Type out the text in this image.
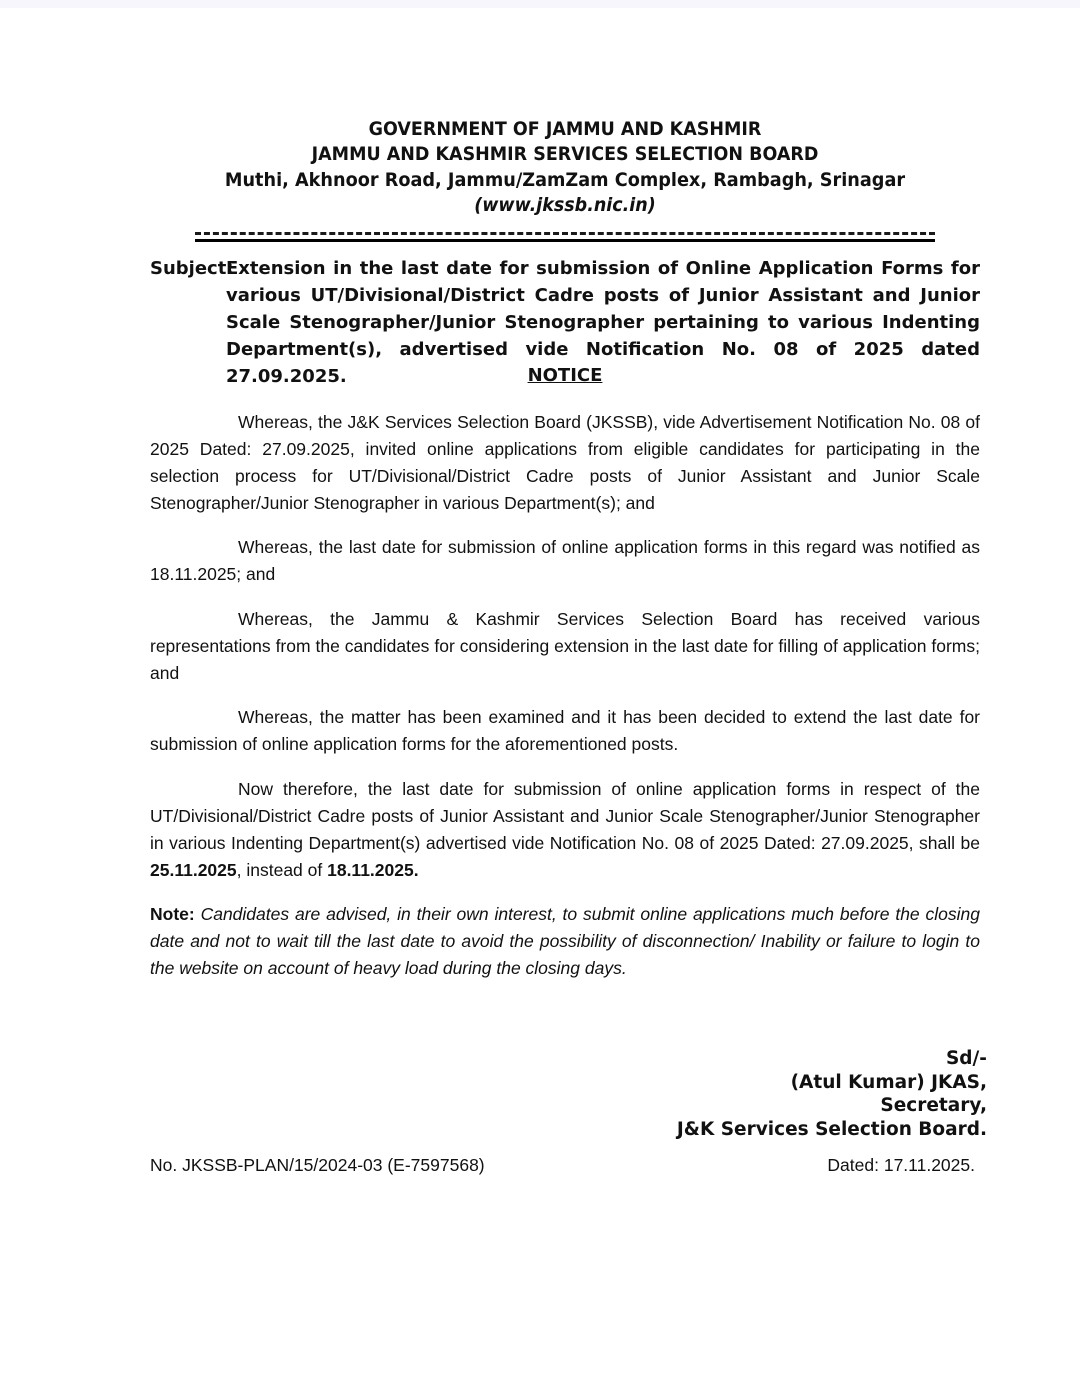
GOVERNMENT OF JAMMU AND KASHMIR
JAMMU AND KASHMIR SERVICES SELECTION BOARD
Muthi, Akhnoor Road, Jammu/ZamZam Complex, Rambagh, Srinagar
(www.jkssb.nic.in)
Subject:
Extension in the last date for submission of Online Application Forms for various UT/Divisional/District Cadre posts of Junior Assistant and Junior Scale Stenographer/Junior Stenographer pertaining to various Indenting Department(s), advertised vide Notification No. 08 of 2025 dated 27.09.2025.	NOTICE

Whereas, the J&K Services Selection Board (JKSSB), vide Advertisement Notification No. 08 of 2025 Dated: 27.09.2025, invited online applications from eligible candidates for participating in the selection process for UT/Divisional/District Cadre posts of Junior Assistant and Junior Scale Stenographer/Junior Stenographer in various Department(s); and

Whereas, the last date for submission of online application forms in this regard was notified as 18.11.2025; and

Whereas, the Jammu & Kashmir Services Selection Board has received various representations from the candidates for considering extension in the last date for filling of application forms; and

Whereas, the matter has been examined and it has been decided to extend the last date for submission of online application forms for the aforementioned posts.

Now therefore, the last date for submission of online application forms in respect of the UT/Divisional/District Cadre posts of Junior Assistant and Junior Scale Stenographer/Junior Stenographer in various Indenting Department(s) advertised vide Notification No. 08 of 2025 Dated: 27.09.2025, shall be 25.11.2025, instead of 18.11.2025.

Note: Candidates are advised, in their own interest, to submit online applications much before the closing date and not to wait till the last date to avoid the possibility of disconnection/ Inability or failure to login to the website on account of heavy load during the closing days.

Sd/-
(Atul Kumar) JKAS,
Secretary,
J&K Services Selection Board.
No. JKSSB-PLAN/15/2024-03 (E-7597568)	Dated: 17.11.2025.
